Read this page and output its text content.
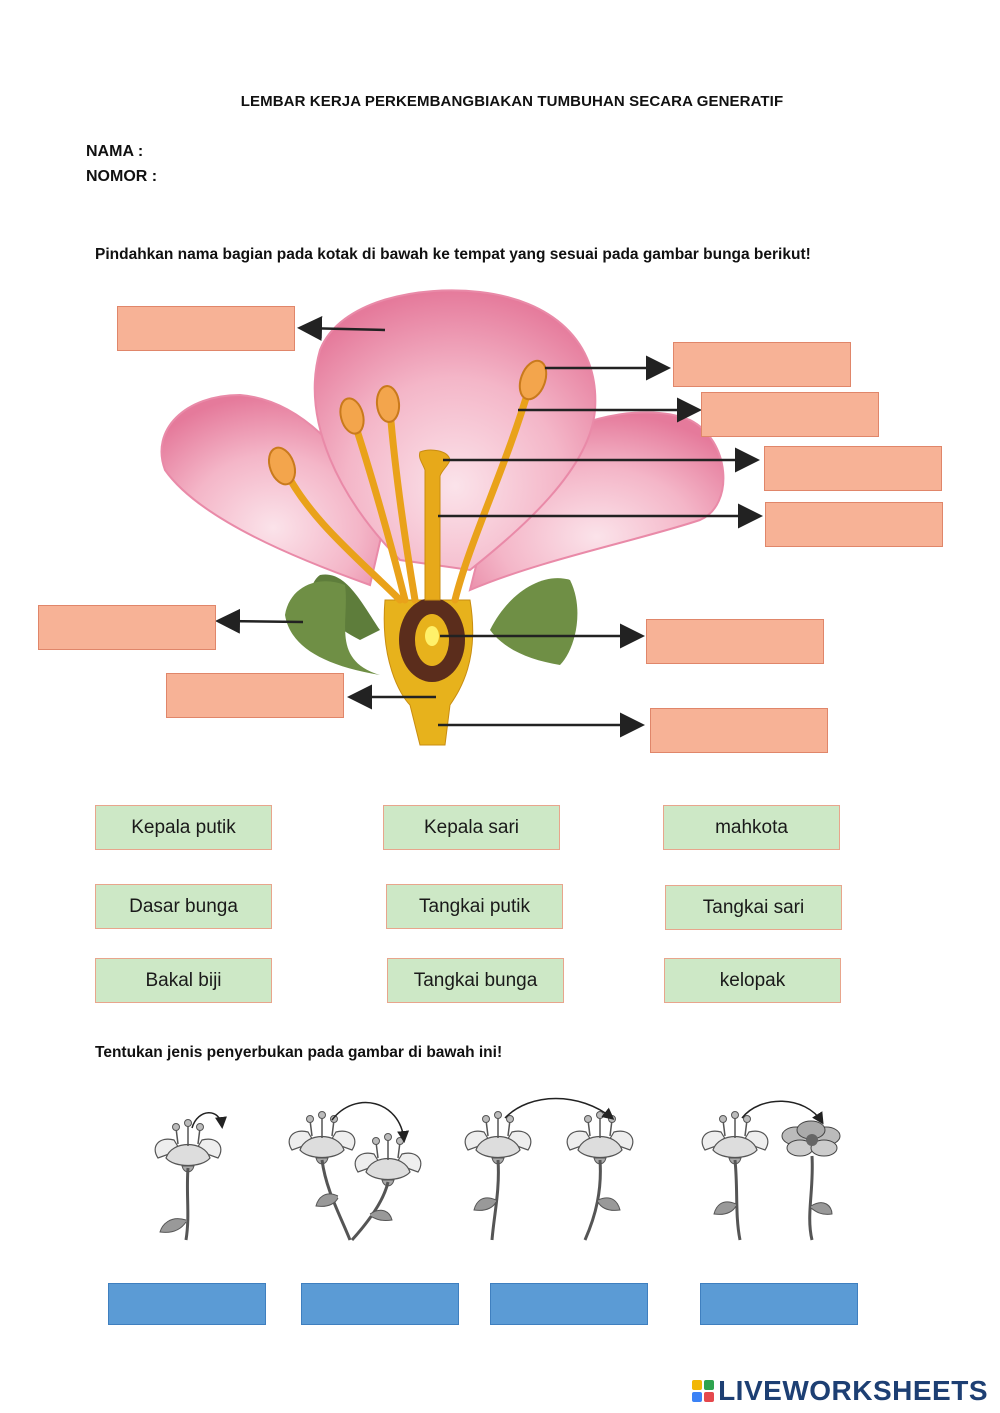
LEMBAR KERJA PERKEMBANGBIAKAN TUMBUHAN SECARA GENERATIF
NAMA :
NOMOR :
Pindahkan nama bagian pada kotak di bawah ke tempat yang sesuai pada gambar bunga berikut!
Kepala putik	Kepala sari	mahkota
Dasar bunga	Tangkai putik	Tangkai sari
Bakal biji	Tangkai bunga	kelopak
Tentukan jenis penyerbukan pada gambar di bawah ini!
LIVEWORKSHEETS
